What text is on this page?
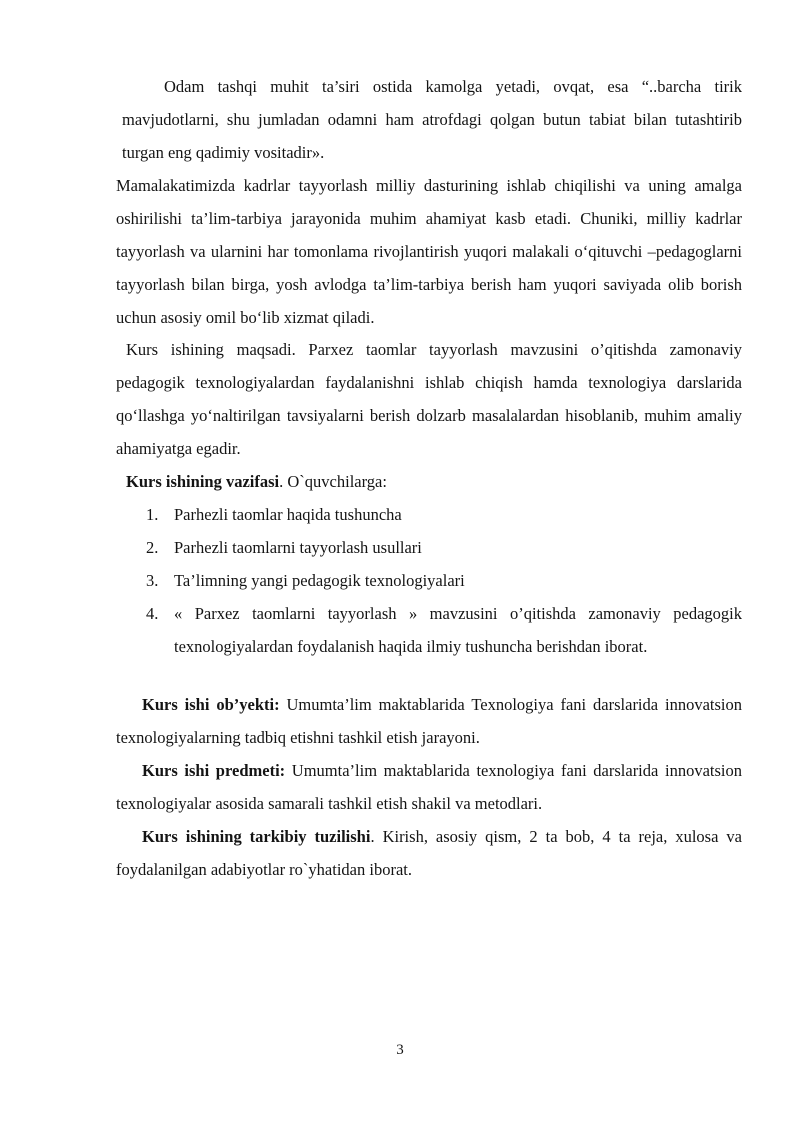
Odam tashqi muhit ta’siri ostida kamolga yetadi, ovqat, esa “..barcha tirik mavjudotlarni, shu jumladan odamni ham atrofdagi qolgan butun tabiat bilan tutashtirib turgan eng qadimiy vositadir».

Mamalakatimizda kadrlar tayyorlash milliy dasturining ishlab chiqilishi va uning amalga oshirilishi ta’lim-tarbiya jarayonida muhim ahamiyat kasb etadi. Chuniki, milliy kadrlar tayyorlash va ularnini har tomonlama rivojlantirish yuqori malakali o‘qituvchi –pedagoglarni tayyorlash bilan birga, yosh avlodga ta’lim-tarbiya berish ham yuqori saviyada olib borish uchun asosiy omil bo‘lib xizmat qiladi.

Kurs ishining maqsadi. Parxez taomlar tayyorlash mavzusini o’qitishda zamonaviy pedagogik texnologiyalardan faydalanishni ishlab chiqish hamda texnologiya darslarida qo‘llashga yo‘naltirilgan tavsiyalarni berish dolzarb masalalardan hisoblanib, muhim amaliy ahamiyatga egadir.

Kurs ishining vazifasi. O`quvchilarga:

1. Parhezli taomlar haqida tushuncha
2. Parhezli taomlarni tayyorlash usullari
3. Ta’limning yangi pedagogik texnologiyalari
4. « Parxez taomlarni tayyorlash » mavzusini o’qitishda zamonaviy pedagogik texnologiyalardan foydalanish haqida ilmiy tushuncha berishdan iborat.

Kurs ishi ob’yekti: Umumta’lim maktablarida Texnologiya fani darslarida innovatsion texnologiyalarning tadbiq etishni tashkil etish jarayoni.

Kurs ishi predmeti: Umumta’lim maktablarida texnologiya fani darslarida innovatsion texnologiyalar asosida samarali tashkil etish shakil va metodlari.

Kurs ishining tarkibiy tuzilishi. Kirish, asosiy qism, 2 ta bob, 4 ta reja, xulosa va foydalanilgan adabiyotlar ro`yhatidan iborat.

3
